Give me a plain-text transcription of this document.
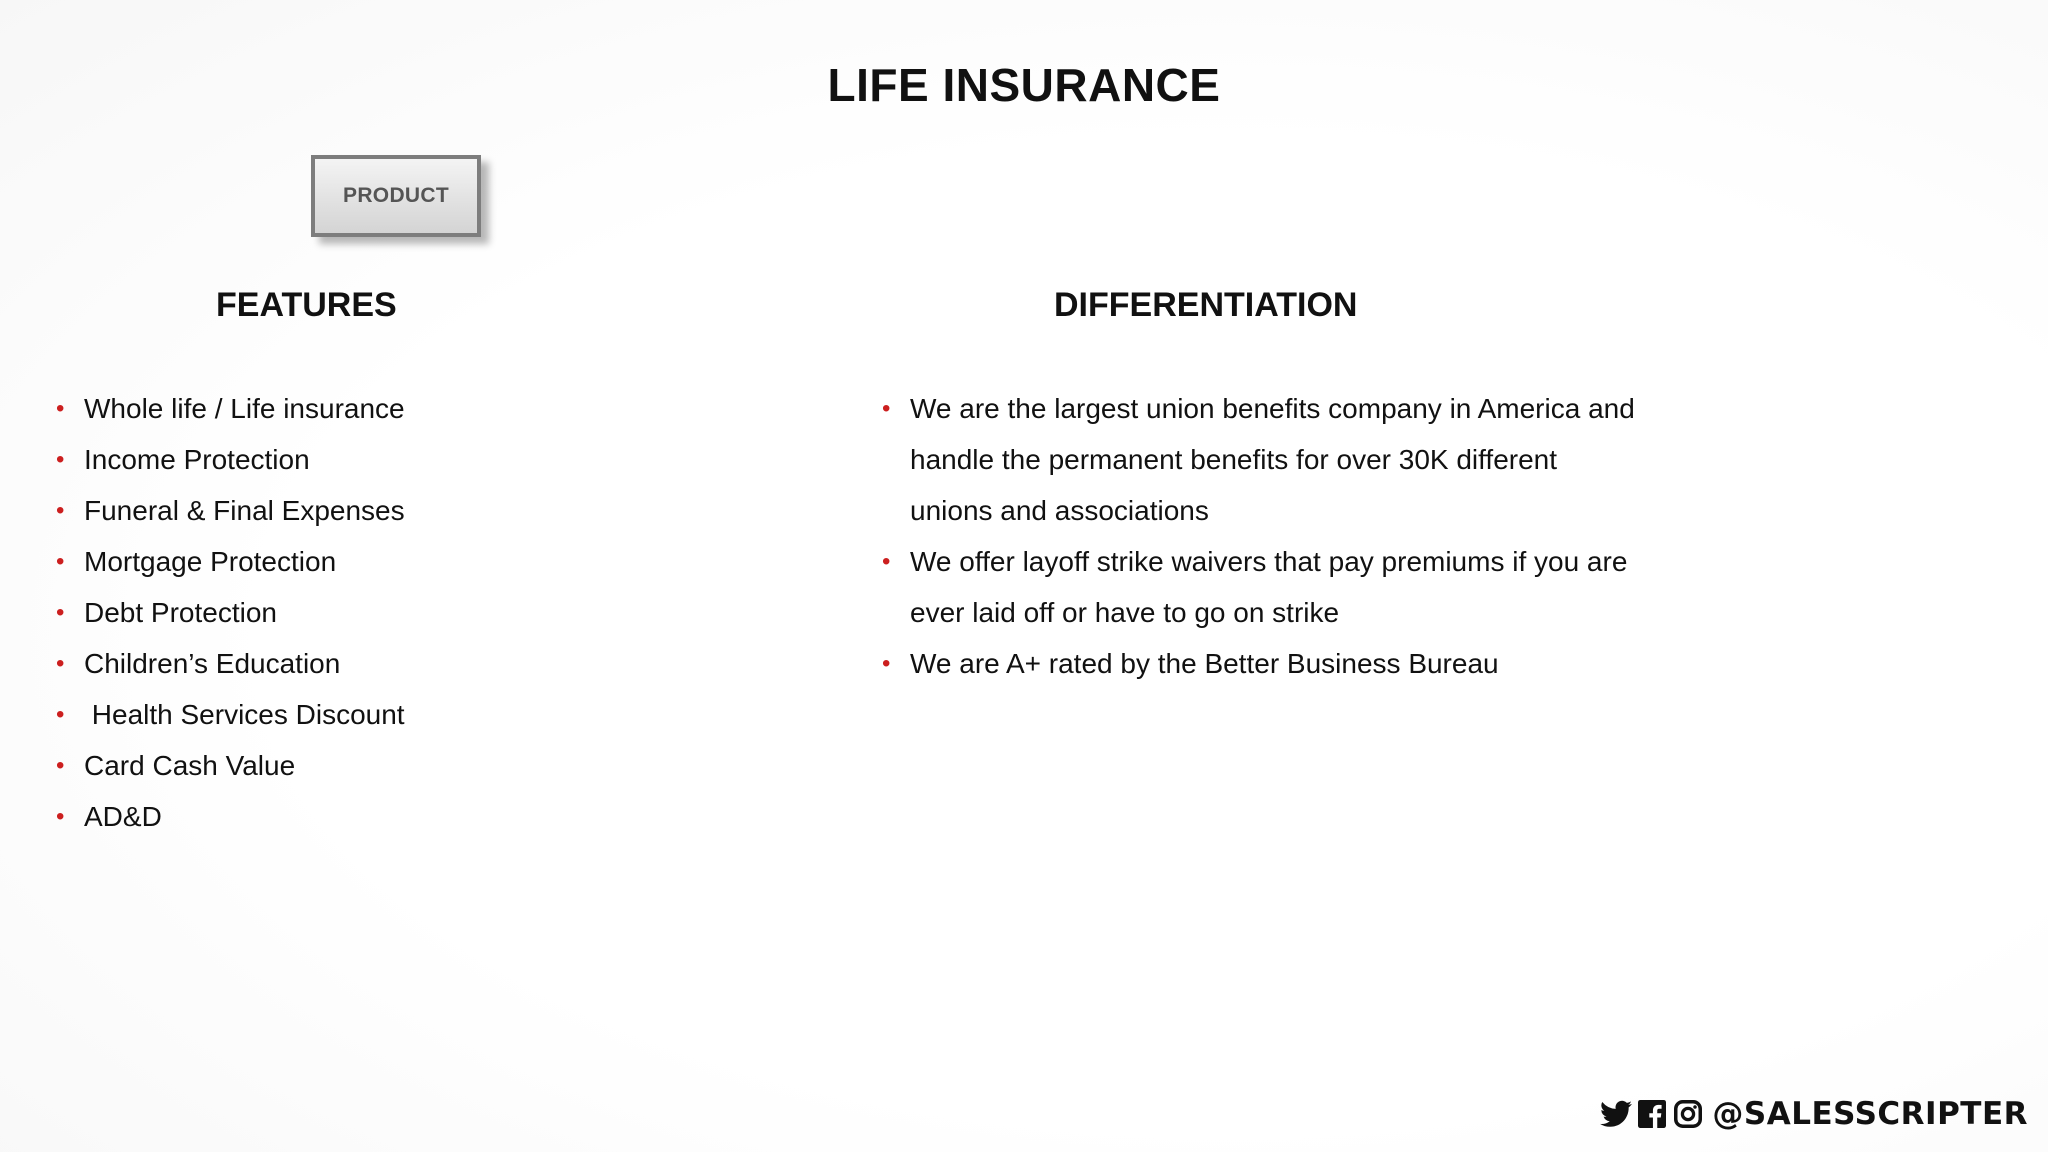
LIFE INSURANCE
PRODUCT
FEATURES	DIFFERENTIATION
• Whole life / Life insurance
• Income Protection
• Funeral & Final Expenses
• Mortgage Protection
• Debt Protection
• Children’s Education
• Health Services Discount
• Card Cash Value
• AD&D
• We are the largest union benefits company in America and handle the permanent benefits for over 30K different unions and associations
• We offer layoff strike waivers that pay premiums if you are ever laid off or have to go on strike
• We are A+ rated by the Better Business Bureau
@SALESSCRIPTER
